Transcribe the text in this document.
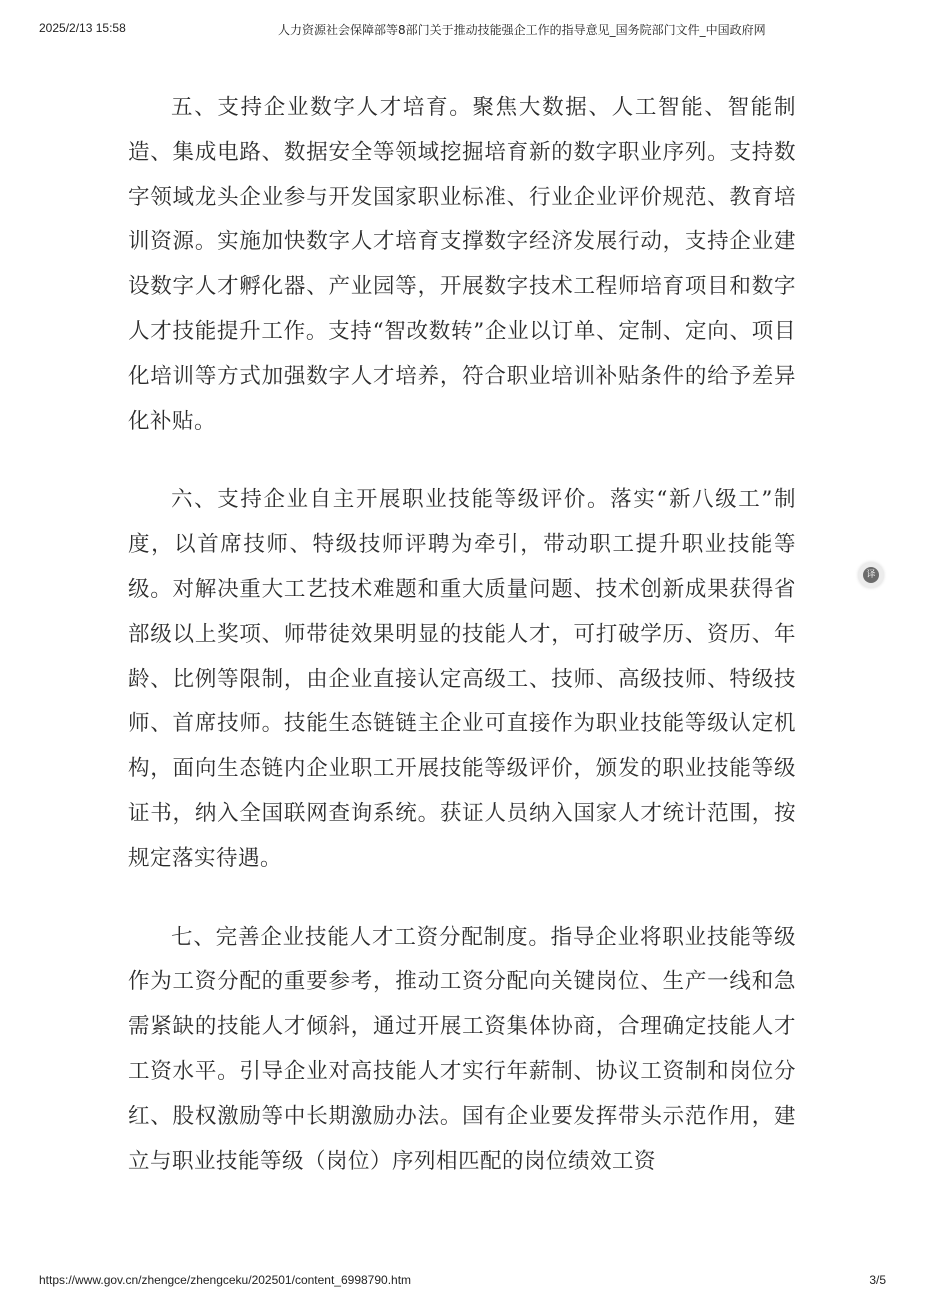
2025/2/13 15:58	人力资源社会保障部等8部门关于推动技能强企工作的指导意见_国务院部门文件_中国政府网

五、支持企业数字人才培育。聚焦大数据、人工智能、智能制造、集成电路、数据安全等领域挖掘培育新的数字职业序列。支持数字领域龙头企业参与开发国家职业标准、行业企业评价规范、教育培训资源。实施加快数字人才培育支撑数字经济发展行动，支持企业建设数字人才孵化器、产业园等，开展数字技术工程师培育项目和数字人才技能提升工作。支持“智改数转”企业以订单、定制、定向、项目化培训等方式加强数字人才培养，符合职业培训补贴条件的给予差异化补贴。

六、支持企业自主开展职业技能等级评价。落实“新八级工”制度，以首席技师、特级技师评聘为牵引，带动职工提升职业技能等级。对解决重大工艺技术难题和重大质量问题、技术创新成果获得省部级以上奖项、师带徒效果明显的技能人才，可打破学历、资历、年龄、比例等限制，由企业直接认定高级工、技师、高级技师、特级技师、首席技师。技能生态链链主企业可直接作为职业技能等级认定机构，面向生态链内企业职工开展技能等级评价，颁发的职业技能等级证书，纳入全国联网查询系统。获证人员纳入国家人才统计范围，按规定落实待遇。

七、完善企业技能人才工资分配制度。指导企业将职业技能等级作为工资分配的重要参考，推动工资分配向关键岗位、生产一线和急需紧缺的技能人才倾斜，通过开展工资集体协商，合理确定技能人才工资水平。引导企业对高技能人才实行年薪制、协议工资制和岗位分红、股权激励等中长期激励办法。国有企业要发挥带头示范作用，建立与职业技能等级（岗位）序列相匹配的岗位绩效工资

译
https://www.gov.cn/zhengce/zhengceku/202501/content_6998790.htm	3/5
